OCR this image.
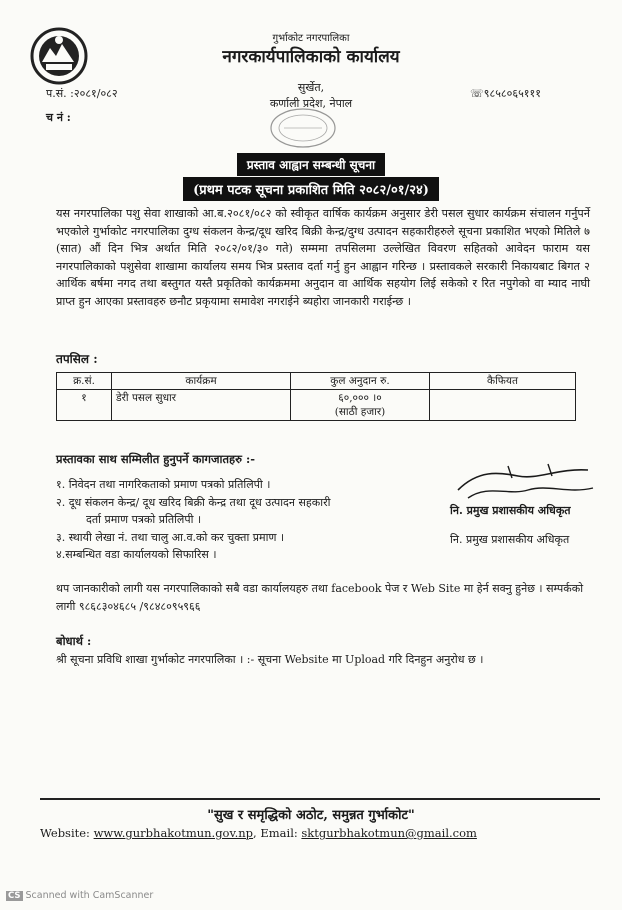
गुर्भाकोट नगरपालिका
नगरकार्यपालिकाको कार्यालय
प.सं. :२०८१/०८२
च नं :
☏९८५८०६५१११
सुर्खेत,
कर्णाली प्रदेश, नेपाल
प्रस्ताव आह्वान सम्बन्धी सूचना
(प्रथम पटक सूचना प्रकाशित मिति २०८२/०१/२४)
यस नगरपालिका पशु सेवा शाखाको आ.ब.२०८१/०८२ को स्वीकृत वार्षिक कार्यक्रम अनुसार डेरी पसल सुधार कार्यक्रम संचालन गर्नुपर्ने भएकोले गुर्भाकोट नगरपालिका दुग्ध संकलन केन्द्र/दूध खरिद बिक्री केन्द्र/दुग्ध उत्पादन सहकारीहरुले सूचना प्रकाशित भएको मितिले ७ (सात) औं दिन भित्र अर्थात मिति २०८२/०१/३० गते) सम्ममा तपसिलमा उल्लेखित विवरण सहितको आवेदन फाराम यस नगरपालिकाको पशुसेवा शाखामा कार्यालय समय भित्र प्रस्ताव दर्ता गर्नु हुन आह्वान गरिन्छ । प्रस्तावकले सरकारी निकायबाट बिगत २ आर्थिक बर्षमा नगद तथा बस्तुगत यस्तै प्रकृतिको कार्यक्रममा अनुदान वा आर्थिक सहयोग लिई सकेको र रित नपुगेको वा म्याद नाघी प्राप्त हुन आएका प्रस्तावहरु छनौट प्रकृयामा समावेश नगराईने ब्यहोरा जानकारी गराईन्छ ।
तपसिल :
क्र.सं.	कार्यक्रम	कुल अनुदान रु.	कैफियत
१	डेरी पसल सुधार	६०,००० ।०
(साठी हजार)	

प्रस्तावका साथ सम्मिलीत हुनुपर्ने कागजातहरु :-
१. निवेदन तथा नागरिकताको प्रमाण पत्रको प्रतिलिपी ।
२. दूध संकलन केन्द्र/ दूध खरिद बिक्री केन्द्र तथा दूध उत्पादन सहकारी
दर्ता प्रमाण पत्रको प्रतिलिपी ।
३. स्थायी लेखा नं. तथा चालु आ.व.को कर चुक्ता प्रमाण ।
४.सम्बन्धित वडा कार्यालयको सिफारिस ।
नि. प्रमुख प्रशासकीय अधिकृत
नि. प्रमुख प्रशासकीय अधिकृत
थप जानकारीको लागी यस नगरपालिकाको सबै वडा कार्यालयहरु तथा facebook पेज र Web Site मा हेर्न सक्नु हुनेछ । सम्पर्कको लागी ९८६८३०४६८५ /९८४८०९५९६६
बोधार्थ :
श्री सूचना प्रविधि शाखा गुर्भाकोट नगरपालिका । :- सूचना Website मा Upload गरि दिनहुन अनुरोध छ ।
"सुख र समृद्धिको अठोट, समुन्नत गुर्भाकोट"
Website: www.gurbhakotmun.gov.np, Email: sktgurbhakotmun@gmail.com
CS Scanned with CamScanner
